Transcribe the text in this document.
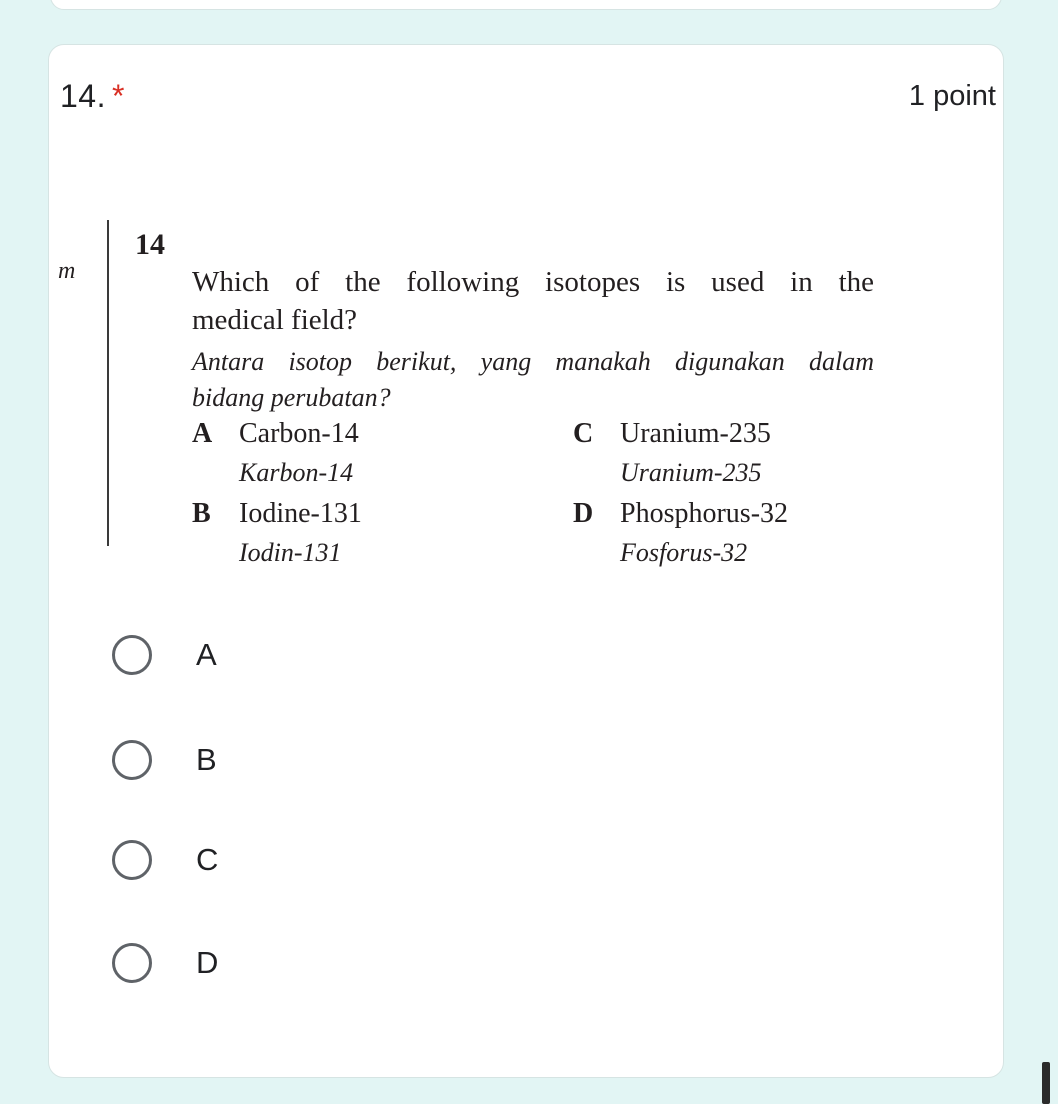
14. *	1 point
m
14
Which of the following isotopes is used in the
medical field?
Antara isotop berikut, yang manakah digunakan dalam
bidang perubatan?
A Carbon-14
Karbon-14
C Uranium-235
Uranium-235
B Iodine-131
Iodin-131
D Phosphorus-32
Fosforus-32
A
B
C
D
